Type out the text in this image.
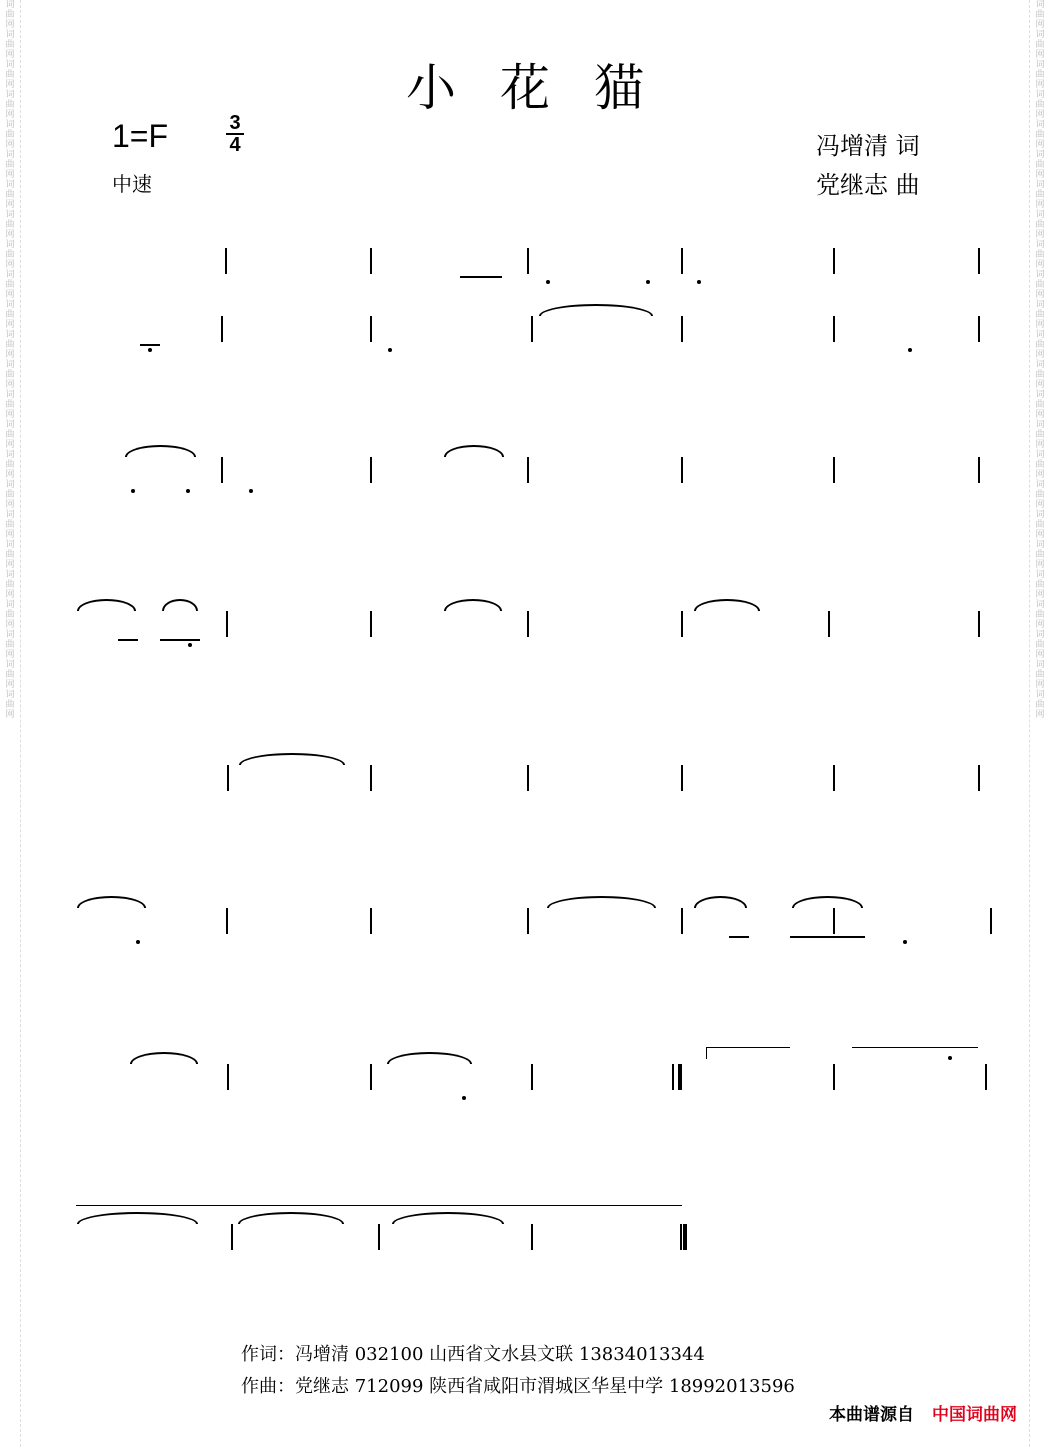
词曲网词曲网词曲网词曲网词曲网词曲网词曲网词曲网词曲网词曲网词曲网词曲网词曲网词曲网词曲网词曲网词曲网词曲网词曲网词曲网词曲网词曲网词曲网词曲网
词曲网词曲网词曲网词曲网词曲网词曲网词曲网词曲网词曲网词曲网词曲网词曲网词曲网词曲网词曲网词曲网词曲网词曲网词曲网词曲网词曲网词曲网词曲网词曲网
小花猫
1=F	3
4
中速
冯增清 词
党继志 曲
作词：冯增清 032100 山西省文水县文联 13834013344
作曲：党继志 712099 陕西省咸阳市渭城区华星中学 18992013596
本曲谱源自 中国词曲网
